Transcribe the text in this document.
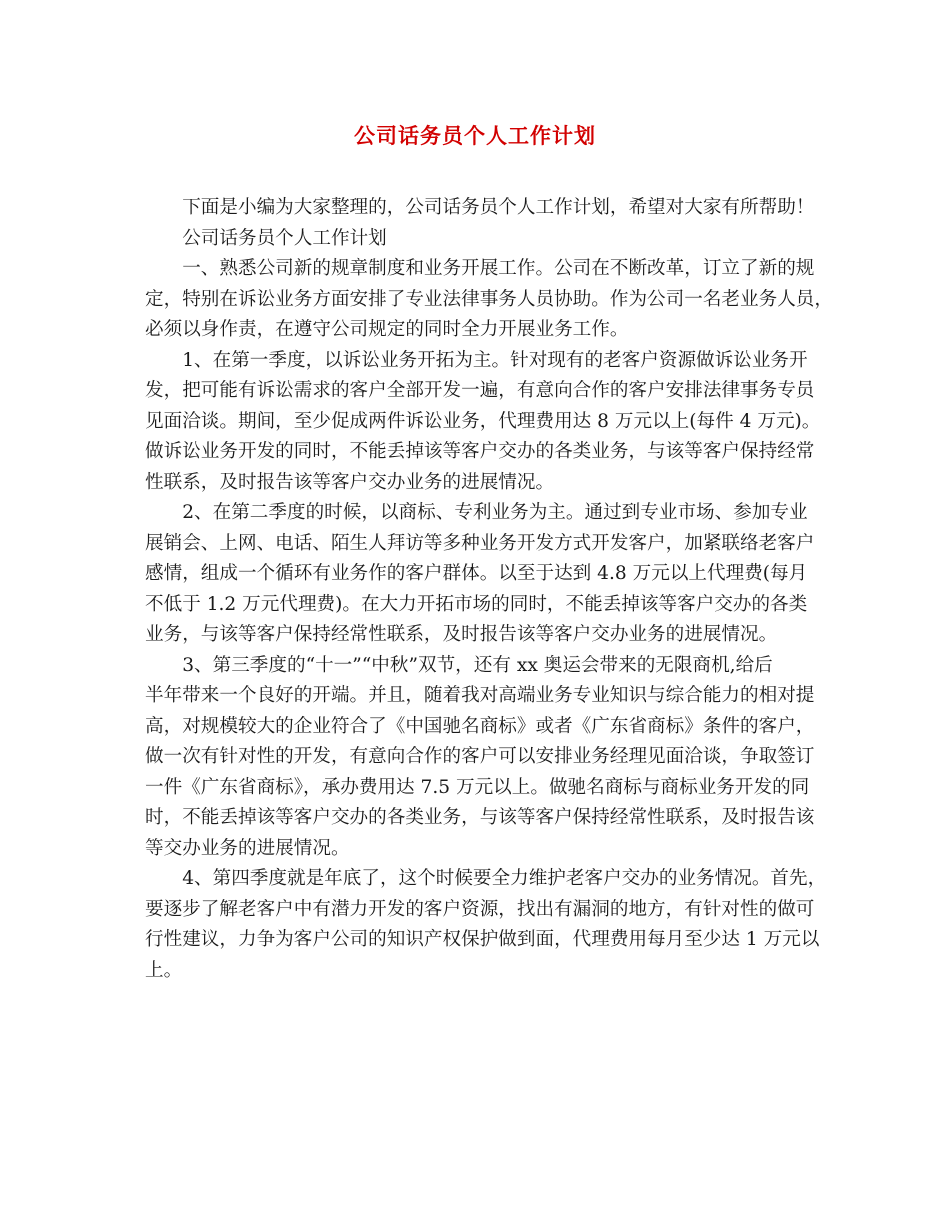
公司话务员个人工作计划

下面是小编为大家整理的，公司话务员个人工作计划，希望对大家有所帮助！

公司话务员个人工作计划

一、熟悉公司新的规章制度和业务开展工作。公司在不断改革，订立了新的规
定，特别在诉讼业务方面安排了专业法律事务人员协助。作为公司一名老业务人员，
必须以身作责，在遵守公司规定的同时全力开展业务工作。

1、在第一季度，以诉讼业务开拓为主。针对现有的老客户资源做诉讼业务开
发，把可能有诉讼需求的客户全部开发一遍，有意向合作的客户安排法律事务专员
见面洽谈。期间，至少促成两件诉讼业务，代理费用达 8 万元以上(每件 4 万元)。
做诉讼业务开发的同时，不能丢掉该等客户交办的各类业务，与该等客户保持经常
性联系，及时报告该等客户交办业务的进展情况。

2、在第二季度的时候，以商标、专利业务为主。通过到专业市场、参加专业
展销会、上网、电话、陌生人拜访等多种业务开发方式开发客户，加紧联络老客户
感情，组成一个循环有业务作的客户群体。以至于达到 4.8 万元以上代理费(每月
不低于 1.2 万元代理费)。在大力开拓市场的同时，不能丢掉该等客户交办的各类
业务，与该等客户保持经常性联系，及时报告该等客户交办业务的进展情况。

3、第三季度的“十一”“中秋”双节，还有 xx 奥运会带来的无限商机,给后
半年带来一个良好的开端。并且，随着我对高端业务专业知识与综合能力的相对提
高，对规模较大的企业符合了《中国驰名商标》或者《广东省商标》条件的客户，
做一次有针对性的开发，有意向合作的客户可以安排业务经理见面洽谈，争取签订
一件《广东省商标》，承办费用达 7.5 万元以上。做驰名商标与商标业务开发的同
时，不能丢掉该等客户交办的各类业务，与该等客户保持经常性联系，及时报告该
等交办业务的进展情况。

4、第四季度就是年底了，这个时候要全力维护老客户交办的业务情况。首先，
要逐步了解老客户中有潜力开发的客户资源，找出有漏洞的地方，有针对性的做可
行性建议，力争为客户公司的知识产权保护做到面，代理费用每月至少达 1 万元以
上。
